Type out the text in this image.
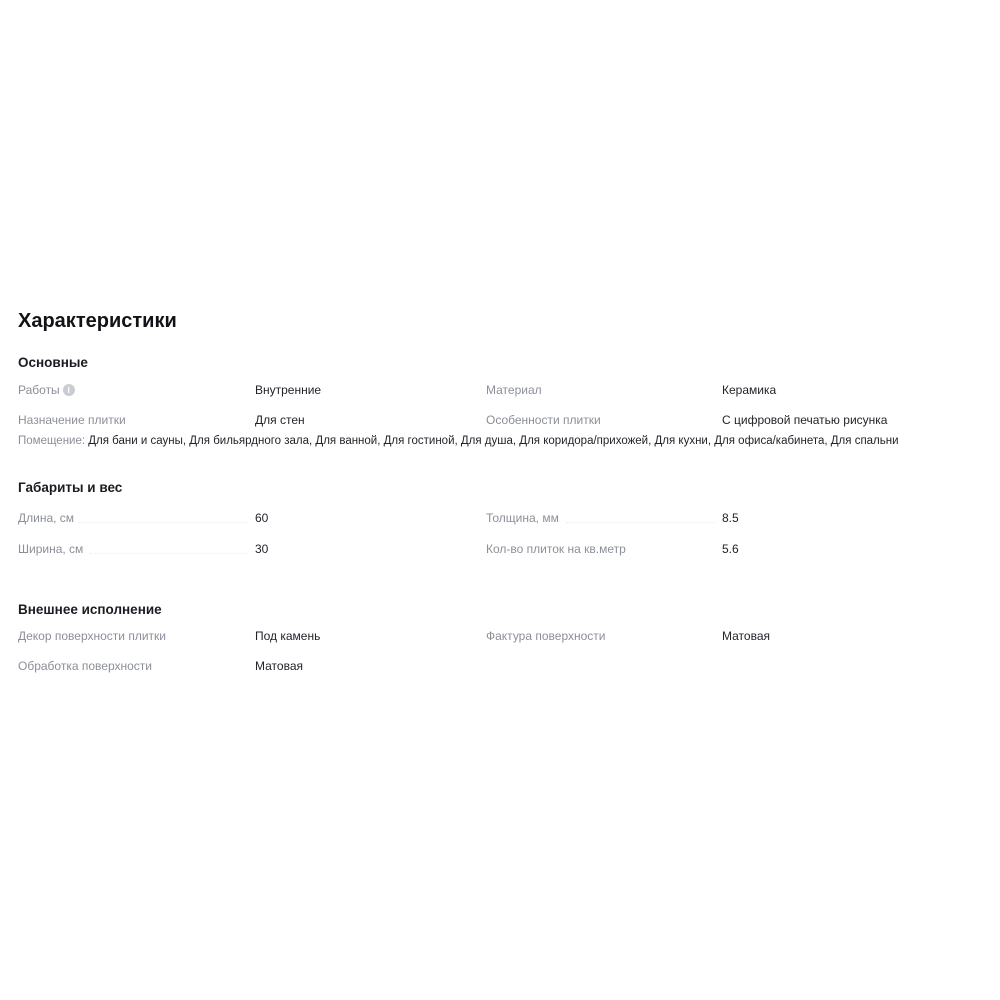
Характеристики
Основные
Работы i	Внутренние	Материал	Керамика
Назначение плитки	Для стен	Особенности плитки	С цифровой печатью рисунка
Помещение: Для бани и сауны, Для бильярдного зала, Для ванной, Для гостиной, Для душа, Для коридора/прихожей, Для кухни, Для офиса/кабинета, Для спальни
Габариты и вес
Длина, см	60	Толщина, мм	8.5
Ширина, см	30	Кол-во плиток на кв.метр	5.6
Внешнее исполнение
Декор поверхности плитки	Под камень	Фактура поверхности	Матовая
Обработка поверхности	Матовая
